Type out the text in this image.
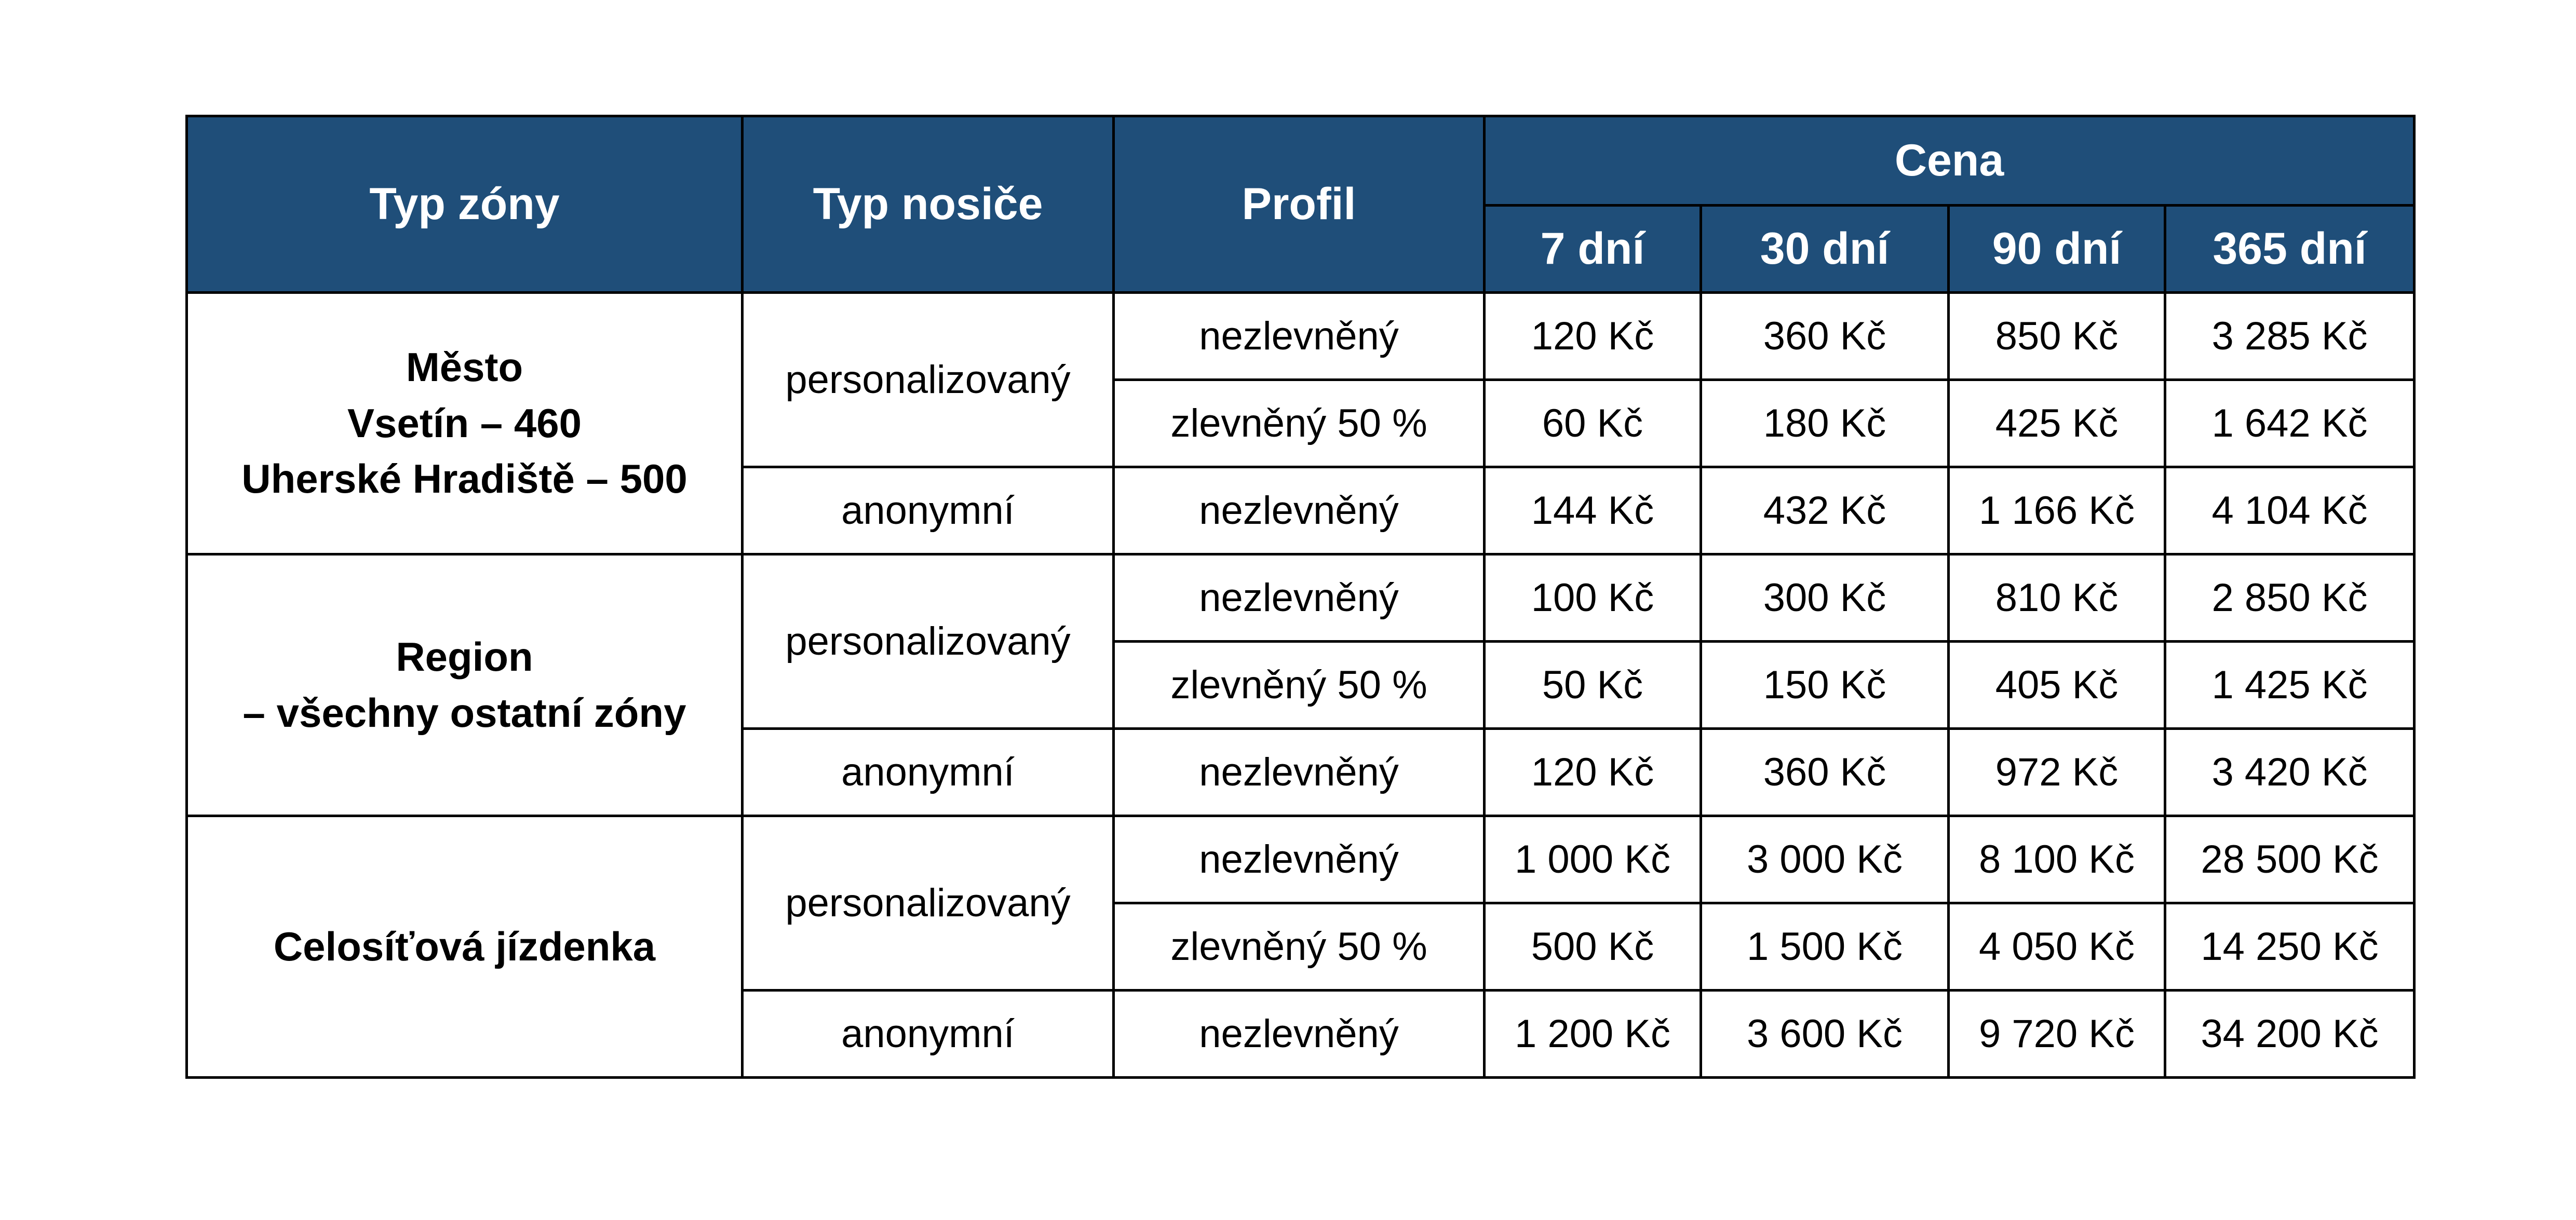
Typ zóny	Typ nosiče	Profil	Cena			
			7 dní	30 dní	90 dní	365 dní

Město
Vsetín – 460
Uherské Hradiště – 500	personalizovaný	nezlevněný	120 Kč	360 Kč	850 Kč	3 285 Kč
		zlevněný 50 %	60 Kč	180 Kč	425 Kč	1 642 Kč
	anonymní	nezlevněný	144 Kč	432 Kč	1 166 Kč	4 104 Kč

Region
– všechny ostatní zóny	personalizovaný	nezlevněný	100 Kč	300 Kč	810 Kč	2 850 Kč
		zlevněný 50 %	50 Kč	150 Kč	405 Kč	1 425 Kč
	anonymní	nezlevněný	120 Kč	360 Kč	972 Kč	3 420 Kč

Celosíťová jízdenka	personalizovaný	nezlevněný	1 000 Kč	3 000 Kč	8 100 Kč	28 500 Kč
		zlevněný 50 %	500 Kč	1 500 Kč	4 050 Kč	14 250 Kč
	anonymní	nezlevněný	1 200 Kč	3 600 Kč	9 720 Kč	34 200 Kč
